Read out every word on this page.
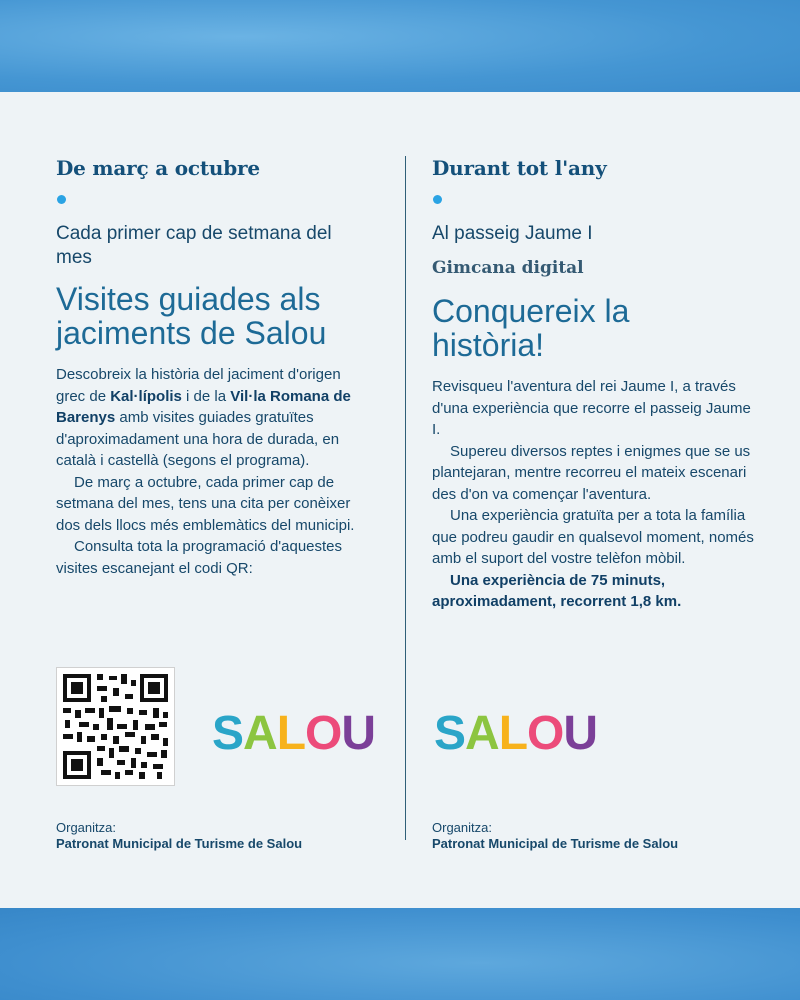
De març a octubre
Cada primer cap de setmana del mes
Visites guiades als jaciments de Salou

Descobreix la història del jaciment d'origen grec de Kal·lípolis i de la Vil·la Romana de Barenys amb visites guiades gratuïtes d'aproximadament una hora de durada, en català i castellà (segons el programa).

De març a octubre, cada primer cap de setmana del mes, tens una cita per conèixer dos dels llocs més emblemàtics del municipi.

Consulta tota la programació d'aquestes visites escanejant el codi QR:

SALOU
Organitza:
Patronat Municipal de Turisme de Salou
Durant tot l'any
Al passeig Jaume I
Gimcana digital
Conquereix la història!

Revisqueu l'aventura del rei Jaume I, a través d'una experiència que recorre el passeig Jaume I.

Supereu diversos reptes i enigmes que se us plantejaran, mentre recorreu el mateix escenari des d'on va començar l'aventura.

Una experiència gratuïta per a tota la família que podreu gaudir en qualsevol moment, només amb el suport del vostre telèfon mòbil.

Una experiència de 75 minuts, aproximadament, recorrent 1,8 km.

SALOU
Organitza:
Patronat Municipal de Turisme de Salou
